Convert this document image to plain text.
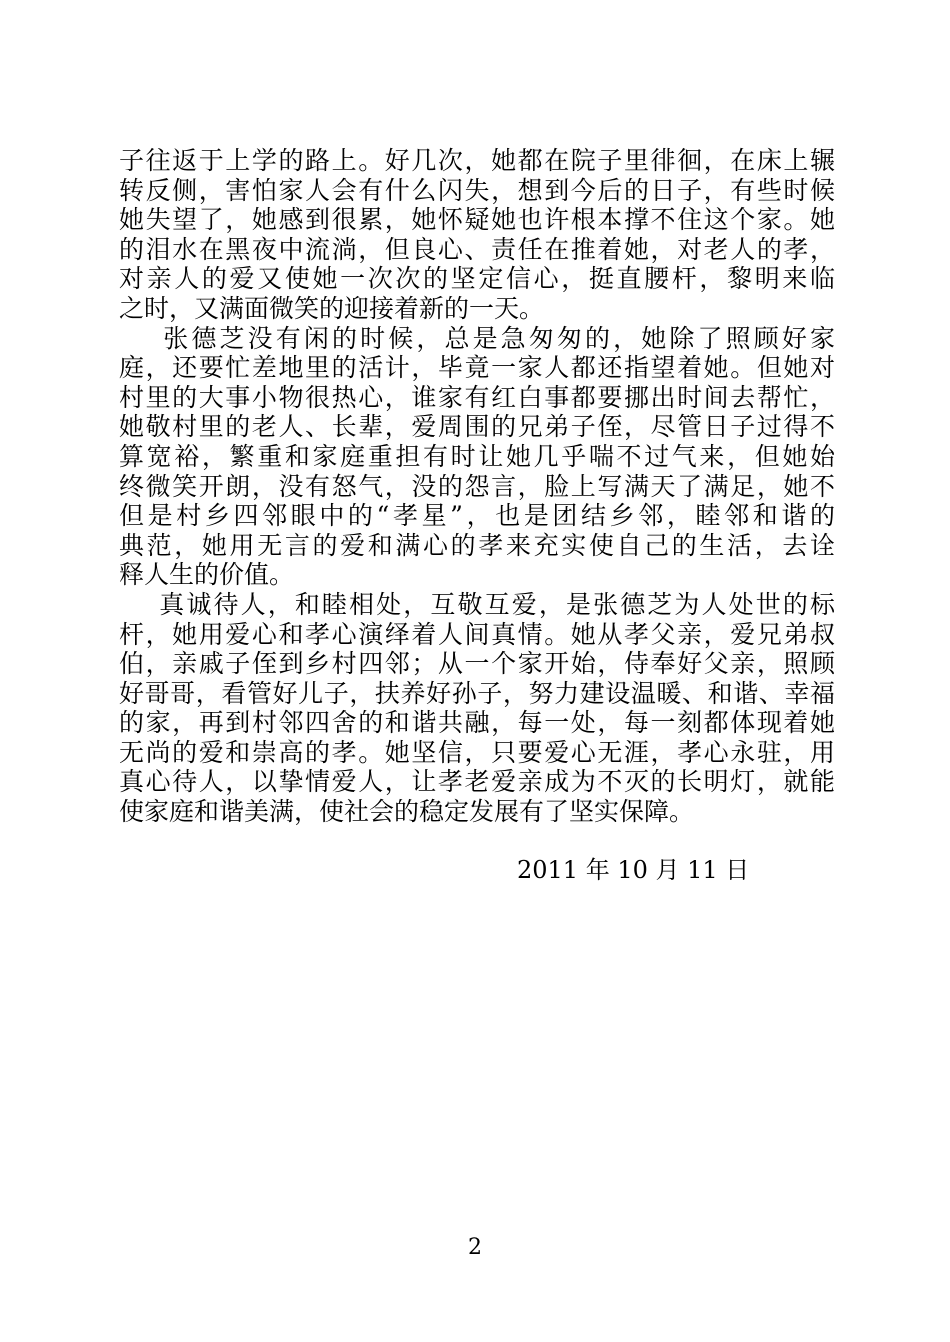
子往返于上学的路上。好几次，她都在院子里徘徊，在床上辗
转反侧，害怕家人会有什么闪失，想到今后的日子，有些时候
她失望了，她感到很累，她怀疑她也许根本撑不住这个家。她
的泪水在黑夜中流淌，但良心、责任在推着她，对老人的孝，
对亲人的爱又使她一次次的坚定信心，挺直腰杆，黎明来临
之时，又满面微笑的迎接着新的一天。
张德芝没有闲的时候，总是急匆匆的，她除了照顾好家
庭，还要忙差地里的活计，毕竟一家人都还指望着她。但她对
村里的大事小物很热心，谁家有红白事都要挪出时间去帮忙，
她敬村里的老人、长辈，爱周围的兄弟子侄，尽管日子过得不
算宽裕，繁重和家庭重担有时让她几乎喘不过气来，但她始
终微笑开朗，没有怒气，没的怨言，脸上写满天了满足，她不
但是村乡四邻眼中的“孝星”，也是团结乡邻，睦邻和谐的
典范，她用无言的爱和满心的孝来充实使自己的生活，去诠
释人生的价值。
真诚待人，和睦相处，互敬互爱，是张德芝为人处世的标
杆，她用爱心和孝心演绎着人间真情。她从孝父亲，爱兄弟叔
伯，亲戚子侄到乡村四邻；从一个家开始，侍奉好父亲，照顾
好哥哥，看管好儿子，扶养好孙子，努力建设温暖、和谐、幸福
的家，再到村邻四舍的和谐共融，每一处，每一刻都体现着她
无尚的爱和崇高的孝。她坚信，只要爱心无涯，孝心永驻，用
真心待人，以挚情爱人，让孝老爱亲成为不灭的长明灯，就能
使家庭和谐美满，使社会的稳定发展有了坚实保障。
2011 年 10 月 11 日
2
